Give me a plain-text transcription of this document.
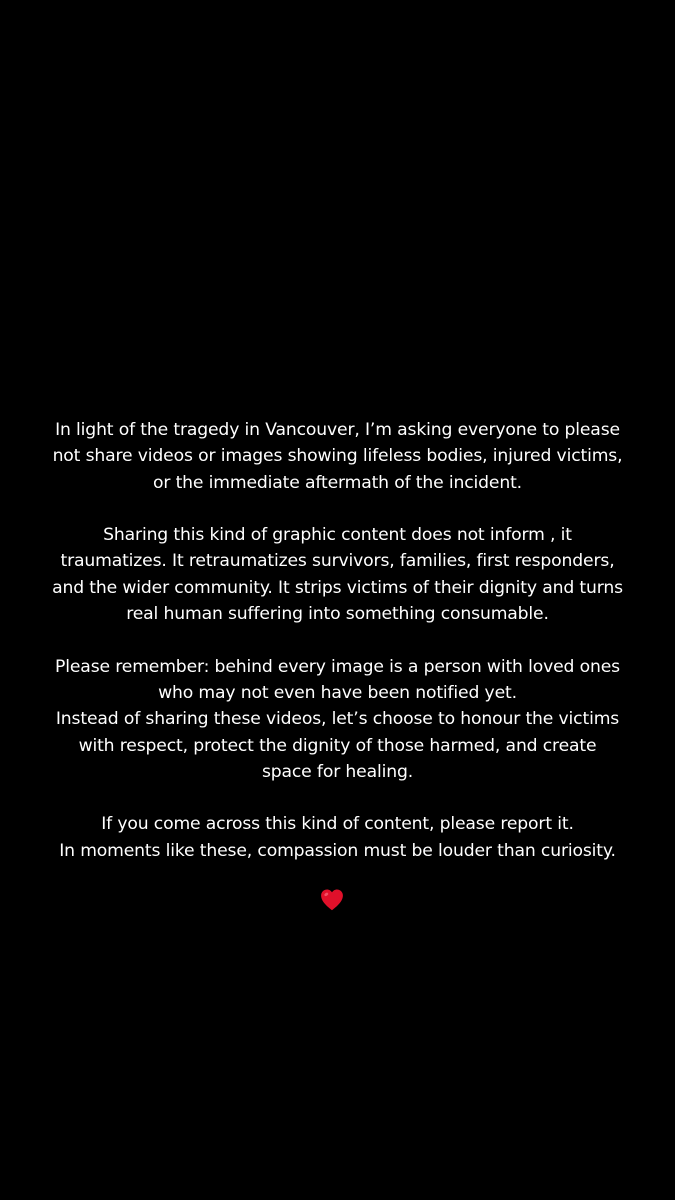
In light of the tragedy in Vancouver, I’m asking everyone to please
not share videos or images showing lifeless bodies, injured victims,
or the immediate aftermath of the incident.
Sharing this kind of graphic content does not inform , it
traumatizes. It retraumatizes survivors, families, first responders,
and the wider community. It strips victims of their dignity and turns
real human suffering into something consumable.
Please remember: behind every image is a person with loved ones
who may not even have been notified yet.
Instead of sharing these videos, let’s choose to honour the victims
with respect, protect the dignity of those harmed, and create
space for healing.
If you come across this kind of content, please report it.
In moments like these, compassion must be louder than curiosity.
